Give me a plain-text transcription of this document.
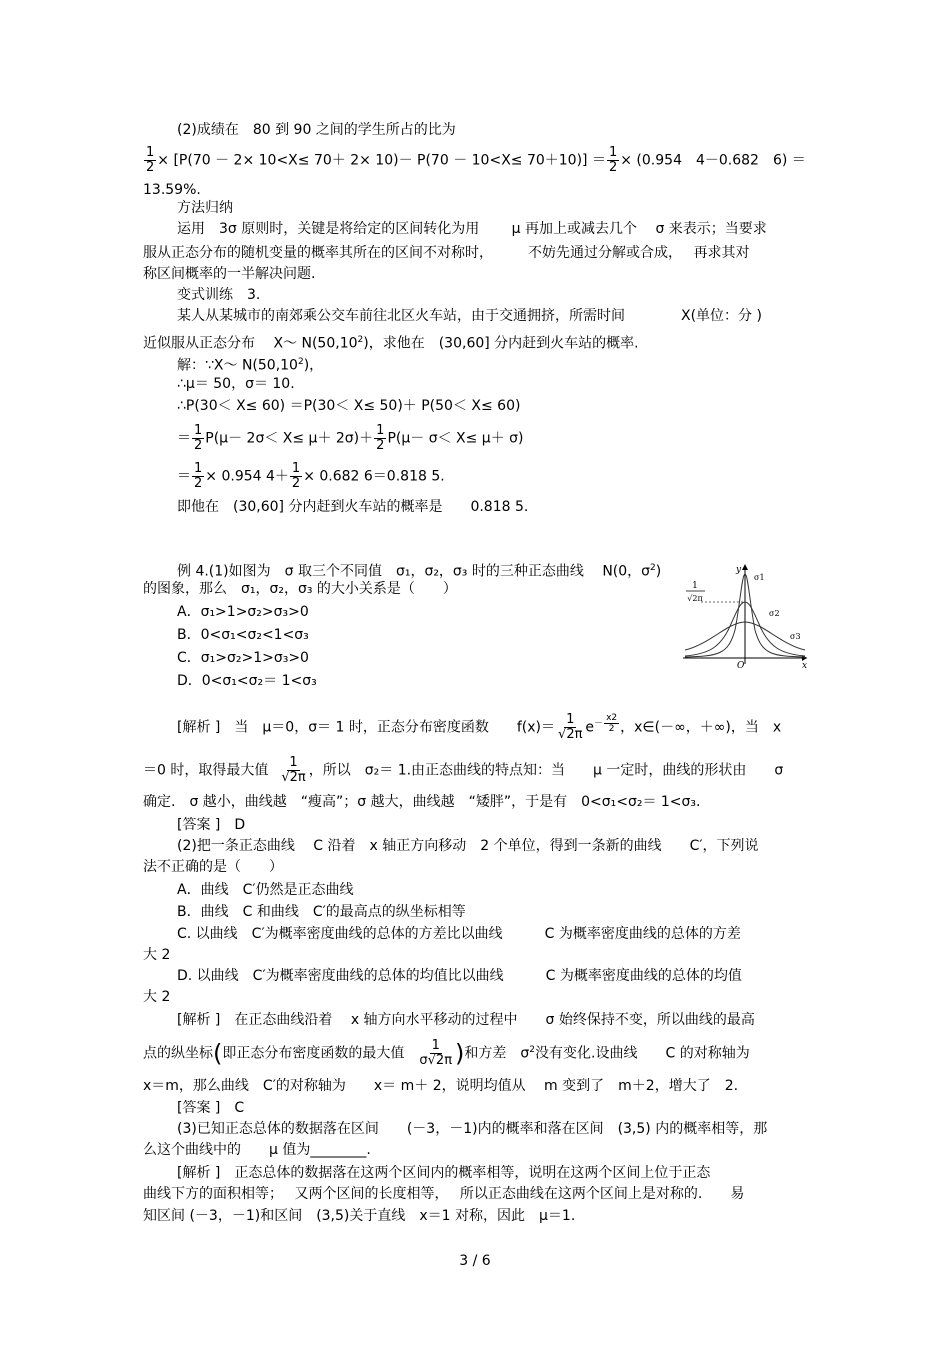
(2)成绩在　80 到 90 之间的学生所占的比为
$\frac{1}{2} \times [P(70 - 2\times 10<X\le 70+ 2\times 10)- P(70 - 10<X\le 70+10)] = \frac{1}{2} \times (0.954$　4－0.682　6) ＝
13.59%.
方法归纳
运用　3σ 原则时，关键是将给定的区间转化为用　　 μ 再加上或减去几个　 σ 来表示；当要求
服从正态分布的随机变量的概率其所在的区间不对称时，　　　不妨先通过分解或合成，　 再求其对
称区间概率的一半解决问题.
变式训练　3.
某人从某城市的南郊乘公交车前往北区火车站，由于交通拥挤，所需时间　　　　X(单位：分 )
近似服从正态分布　 X～ N(50,10$^2$)，求他在　(30,60] 分内赶到火车站的概率.
解：∵X～ N(50,10$^2$)，
∴μ＝ 50，σ＝ 10.
∴P(30＜ X≤ 60) ＝P(30＜ X≤ 50)＋ P(50＜ X≤ 60)
＝ $\frac{1}{2} P(\mu- 2\sigma< X\le \mu+ 2\sigma)+ \frac{1}{2} P(\mu- \sigma< X\le \mu+ \sigma)$
＝ $\frac{1}{2} \times 0.954$ $4+ \frac{1}{2} \times 0.682$ 6＝0.818 5.
即他在　(30,60] 分内赶到火车站的概率是　　0.818 5.
例 4.(1)如图为　σ 取三个不同值　σ₁，σ₂，σ₃ 时的三种正态曲线　 N(0，$\sigma^2$)
的图象，那么　σ₁，σ₂，σ₃ 的大小关系是（　　）
A．σ₁>1>σ₂>σ₃>0
B．0<σ₁<σ₂<1<σ₃
C．σ₁>σ₂>1>σ₃>0
D．0<σ₁<σ₂＝ 1<σ₃
1
√2π
y
x
O
σ1
σ2
σ3
[解析 ]　当　μ＝0，σ＝ 1 时，正态分布密度函数　　$f(x)= \frac{1}{√2\pi} e^{- \frac{x2}{2}}$ ，x∈(－∞，＋∞)，当　x
＝0 时，取得最大值 $\frac{1}{√2\pi}$ ，所以　σ₂＝ 1.由正态曲线的特点知：当　　μ 一定时，曲线的形状由　　σ
确定.　σ 越小，曲线越　“瘦高”；σ 越大，曲线越　“矮胖”，于是有　0<σ₁<σ₂＝ 1<σ₃.
[答案 ]　D
(2)把一条正态曲线　 C 沿着　x 轴正方向移动　2 个单位，得到一条新的曲线　　C′，下列说
法不正确的是（　　）
A．曲线　C′仍然是正态曲线
B．曲线　C 和曲线　C′的最高点的纵坐标相等
C. 以曲线　C′为概率密度曲线的总体的方差比以曲线　　　C 为概率密度曲线的总体的方差
大 2
D. 以曲线　C′为概率密度曲线的总体的均值比以曲线　　　C 为概率密度曲线的总体的均值
大 2
[解析 ]　在正态曲线沿着　 x 轴方向水平移动的过程中　　σ 始终保持不变，所以曲线的最高
点的纵坐标(即正态分布密度函数的最大值 $\frac{1}{\sigma√2\pi}$ )和方差　$\sigma^2$没有变化.设曲线　　C 的对称轴为
x＝m，那么曲线　C′的对称轴为　　x＝ m＋ 2，说明均值从　 m 变到了　m＋2，增大了　2.
[答案 ]　C
(3)已知正态总体的数据落在区间　　(－3，－1)内的概率和落在区间　(3,5) 内的概率相等，那
么这个曲线中的　　μ 值为________.
[解析 ]　正态总体的数据落在这两个区间内的概率相等，说明在这两个区间上位于正态
曲线下方的面积相等；　 又两个区间的长度相等，　 所以正态曲线在这两个区间上是对称的.　　易
知区间 (－3，－1)和区间　(3,5)关于直线　x＝1 对称，因此　μ＝1.
3 / 6
